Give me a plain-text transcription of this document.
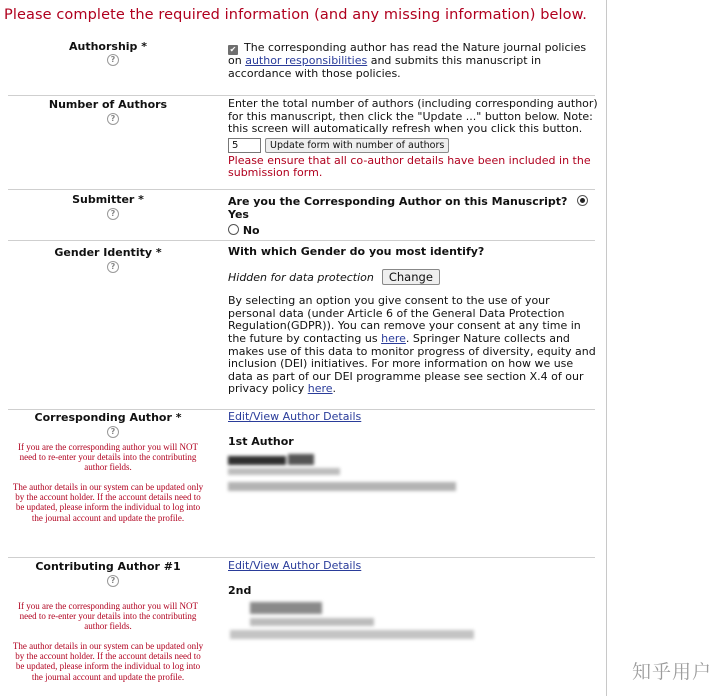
Please complete the required information (and any missing information) below.
Authorship *
?
✔ The corresponding author has read the Nature journal policies on author responsibilities and submits this manuscript in accordance with those policies.
Number of Authors
?
Enter the total number of authors (including corresponding author) for this manuscript, then click the "Update ..." button below. Note: this screen will automatically refresh when you click this button.
5	Update form with number of authors
Please ensure that all co-author details have been included in the submission form.
Submitter *
?
Are you the Corresponding Author on this Manuscript?  Yes
No
Gender Identity *
?
With which Gender do you most identify?
Hidden for data protection Change
By selecting an option you give consent to the use of your personal data (under Article 6 of the General Data Protection Regulation(GDPR)). You can remove your consent at any time in the future by contacting us here. Springer Nature collects and makes use of this data to monitor progress of diversity, equity and inclusion (DEI) initiatives. For more information on how we use data as part of our DEI programme please see section X.4 of our privacy policy here.
Corresponding Author *
?
If you are the corresponding author you will NOT need to re-enter your details into the contributing author fields.
The author details in our system can be updated only by the account holder. If the account details need to be updated, please inform the individual to log into the journal account and update the profile.
Edit/View Author Details
1st Author
Contributing Author #1
?
If you are the corresponding author you will NOT need to re-enter your details into the contributing author fields.
The author details in our system can be updated only by the account holder. If the account details need to be updated, please inform the individual to log into the journal account and update the profile.
Edit/View Author Details
2nd
知乎用户
